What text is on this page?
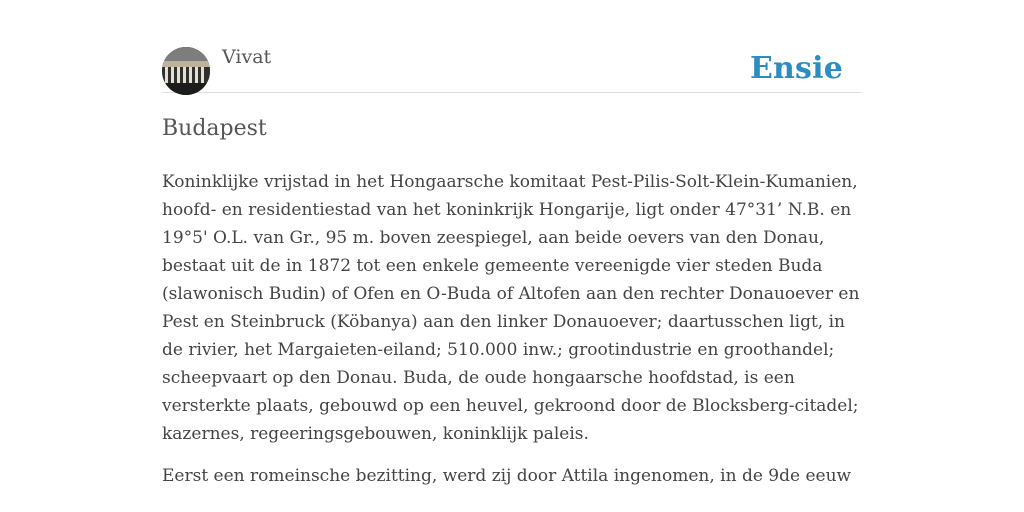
Vivat	Ensie
Budapest

Koninklijke vrijstad in het Hongaarsche komitaat Pest-Pilis-Solt-Klein-Kumanien, hoofd- en residentiestad van het koninkrijk Hongarije, ligt onder 47°31’ N.B. en 19°5' O.L. van Gr., 95 m. boven zeespiegel, aan beide oevers van den Donau, bestaat uit de in 1872 tot een enkele gemeente vereenigde vier steden Buda (slawonisch Budin) of Ofen en O-Buda of Altofen aan den rechter Donauoever en Pest en Steinbruck (Köbanya) aan den linker Donauoever; daartusschen ligt, in de rivier, het Margaieten-eiland; 510.000 inw.; grootindustrie en groothandel; scheepvaart op den Donau. Buda, de oude hongaarsche hoofdstad, is een versterkte plaats, gebouwd op een heuvel, gekroond door de Blocksberg-citadel; kazernes, regeeringsgebouwen, koninklijk paleis.

Eerst een romeinsche bezitting, werd zij door Attila ingenomen, in de 9de eeuw
